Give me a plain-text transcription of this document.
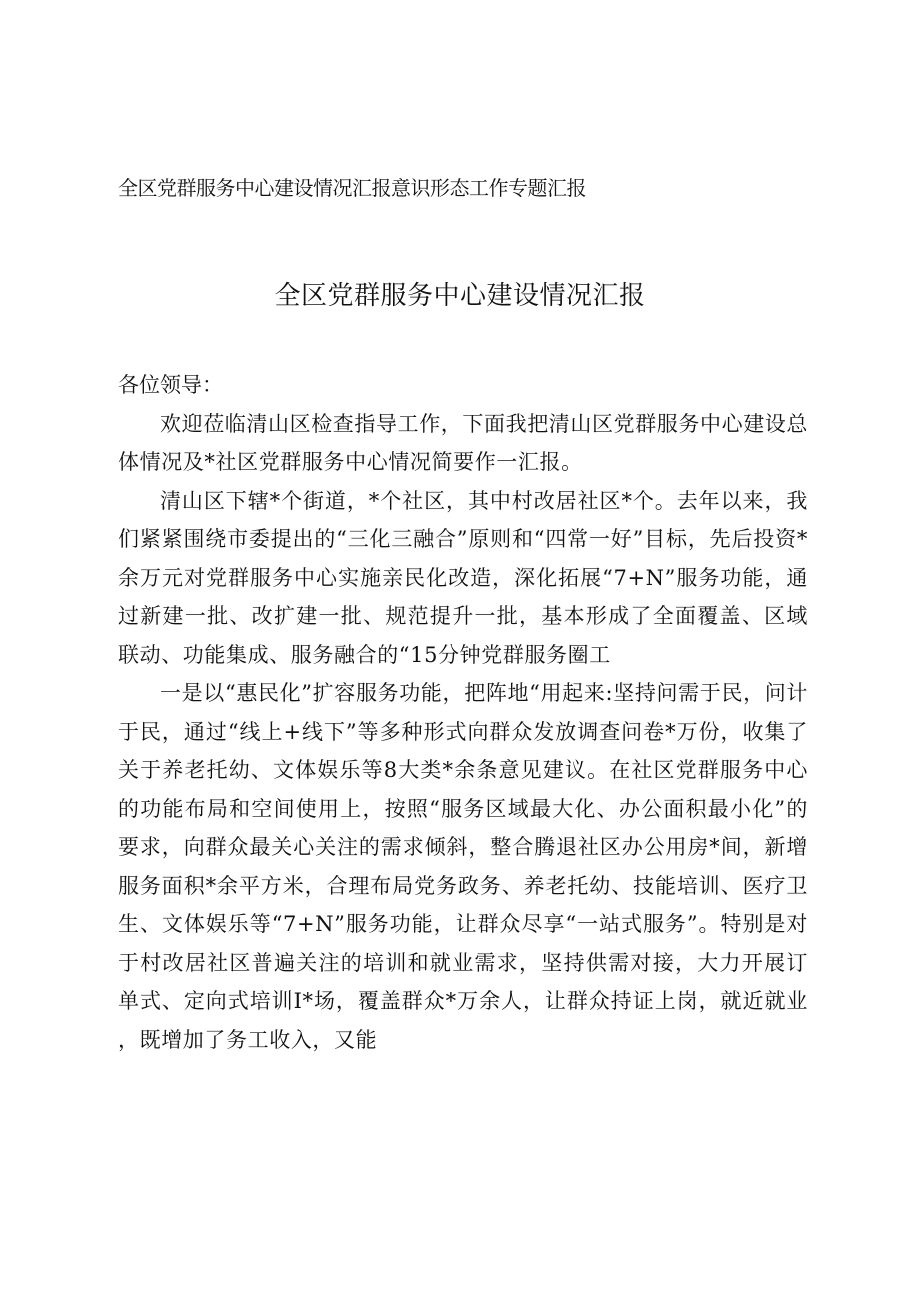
全区党群服务中心建设情况汇报意识形态工作专题汇报
全区党群服务中心建设情况汇报

各位领导：

欢迎莅临清山区检查指导工作，下面我把清山区党群服务中心建设总体情况及*社区党群服务中心情况简要作一汇报。

清山区下辖*个街道，*个社区，其中村改居社区*个。去年以来，我们紧紧围绕市委提出的“三化三融合”原则和“四常一好”目标，先后投资*余万元对党群服务中心实施亲民化改造，深化拓展“7+N”服务功能，通过新建一批、改扩建一批、规范提升一批，基本形成了全面覆盖、区域联动、功能集成、服务融合的“15分钟党群服务圈工

一是以“惠民化”扩容服务功能，把阵地“用起来:坚持问需于民，问计于民，通过“线上+线下”等多种形式向群众发放调查问卷*万份，收集了关于养老托幼、文体娱乐等8大类*余条意见建议。在社区党群服务中心的功能布局和空间使用上，按照“服务区域最大化、办公面积最小化”的要求，向群众最关心关注的需求倾斜，整合腾退社区办公用房*间，新增服务面积*余平方米，合理布局党务政务、养老托幼、技能培训、医疗卫生、文体娱乐等“7+N”服务功能，让群众尽享“一站式服务”。特别是对于村改居社区普遍关注的培训和就业需求，坚持供需对接，大力开展订单式、定向式培训I*场，覆盖群众*万余人，让群众持证上岗，就近就业，既增加了务工收入，又能
